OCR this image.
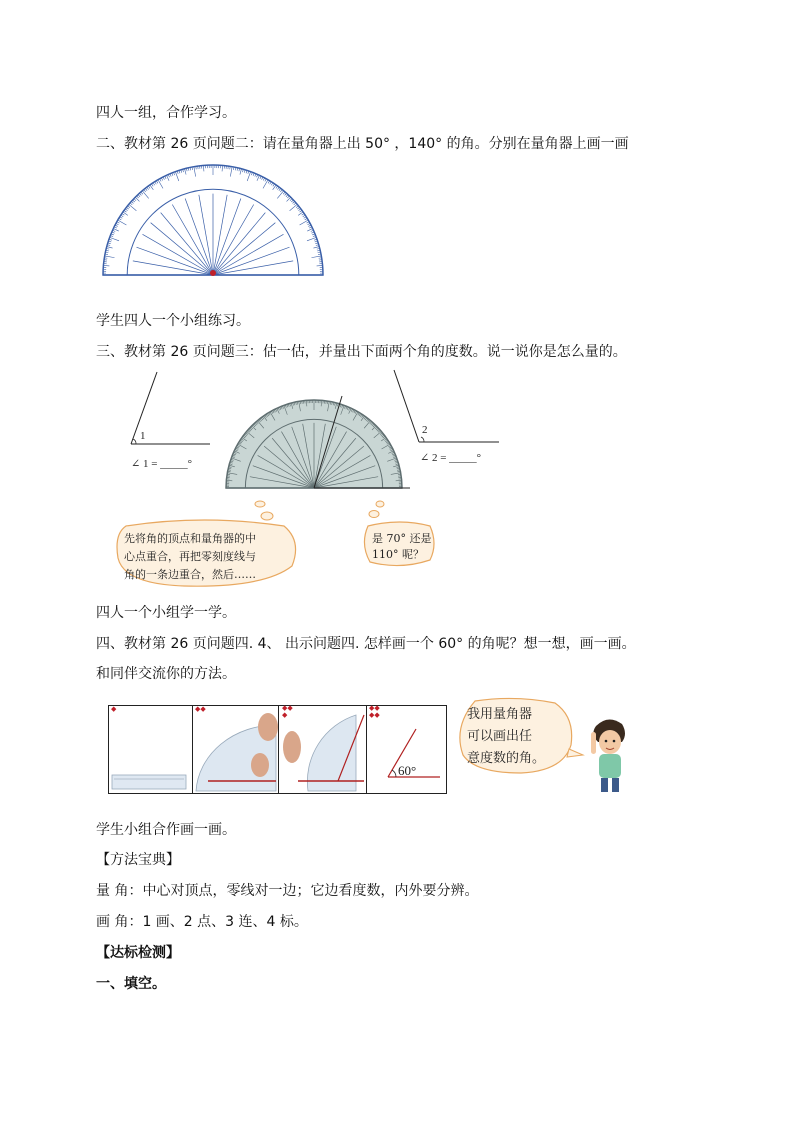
四人一组，合作学习。
二、教材第 26 页问题二：请在量角器上出 50° ，140° 的角。分别在量角器上画一画
学生四人一个小组练习。
三、教材第 26 页问题三：估一估，并量出下面两个角的度数。说一说你是怎么量的。
1
∠ 1 = _____°
2
∠ 2 = _____°
先将角的顶点和量角器的中
心点重合，再把零刻度线与
角的一条边重合，然后……
是 70° 还是
110° 呢？
四人一个小组学一学。
四、教材第 26 页问题四. 4、 出示问题四. 怎样画一个 60° 的角呢？想一想，画一画。
和同伴交流你的方法。
◆	◆◆	◆◆
◆
◆◆
◆◆
60°
我用量角器
可以画出任
意度数的角。
学生小组合作画一画。
【方法宝典】
量 角：中心对顶点，零线对一边；它边看度数，内外要分辨。
画 角：1 画、2 点、3 连、4 标。
【达标检测】
一、填空。
